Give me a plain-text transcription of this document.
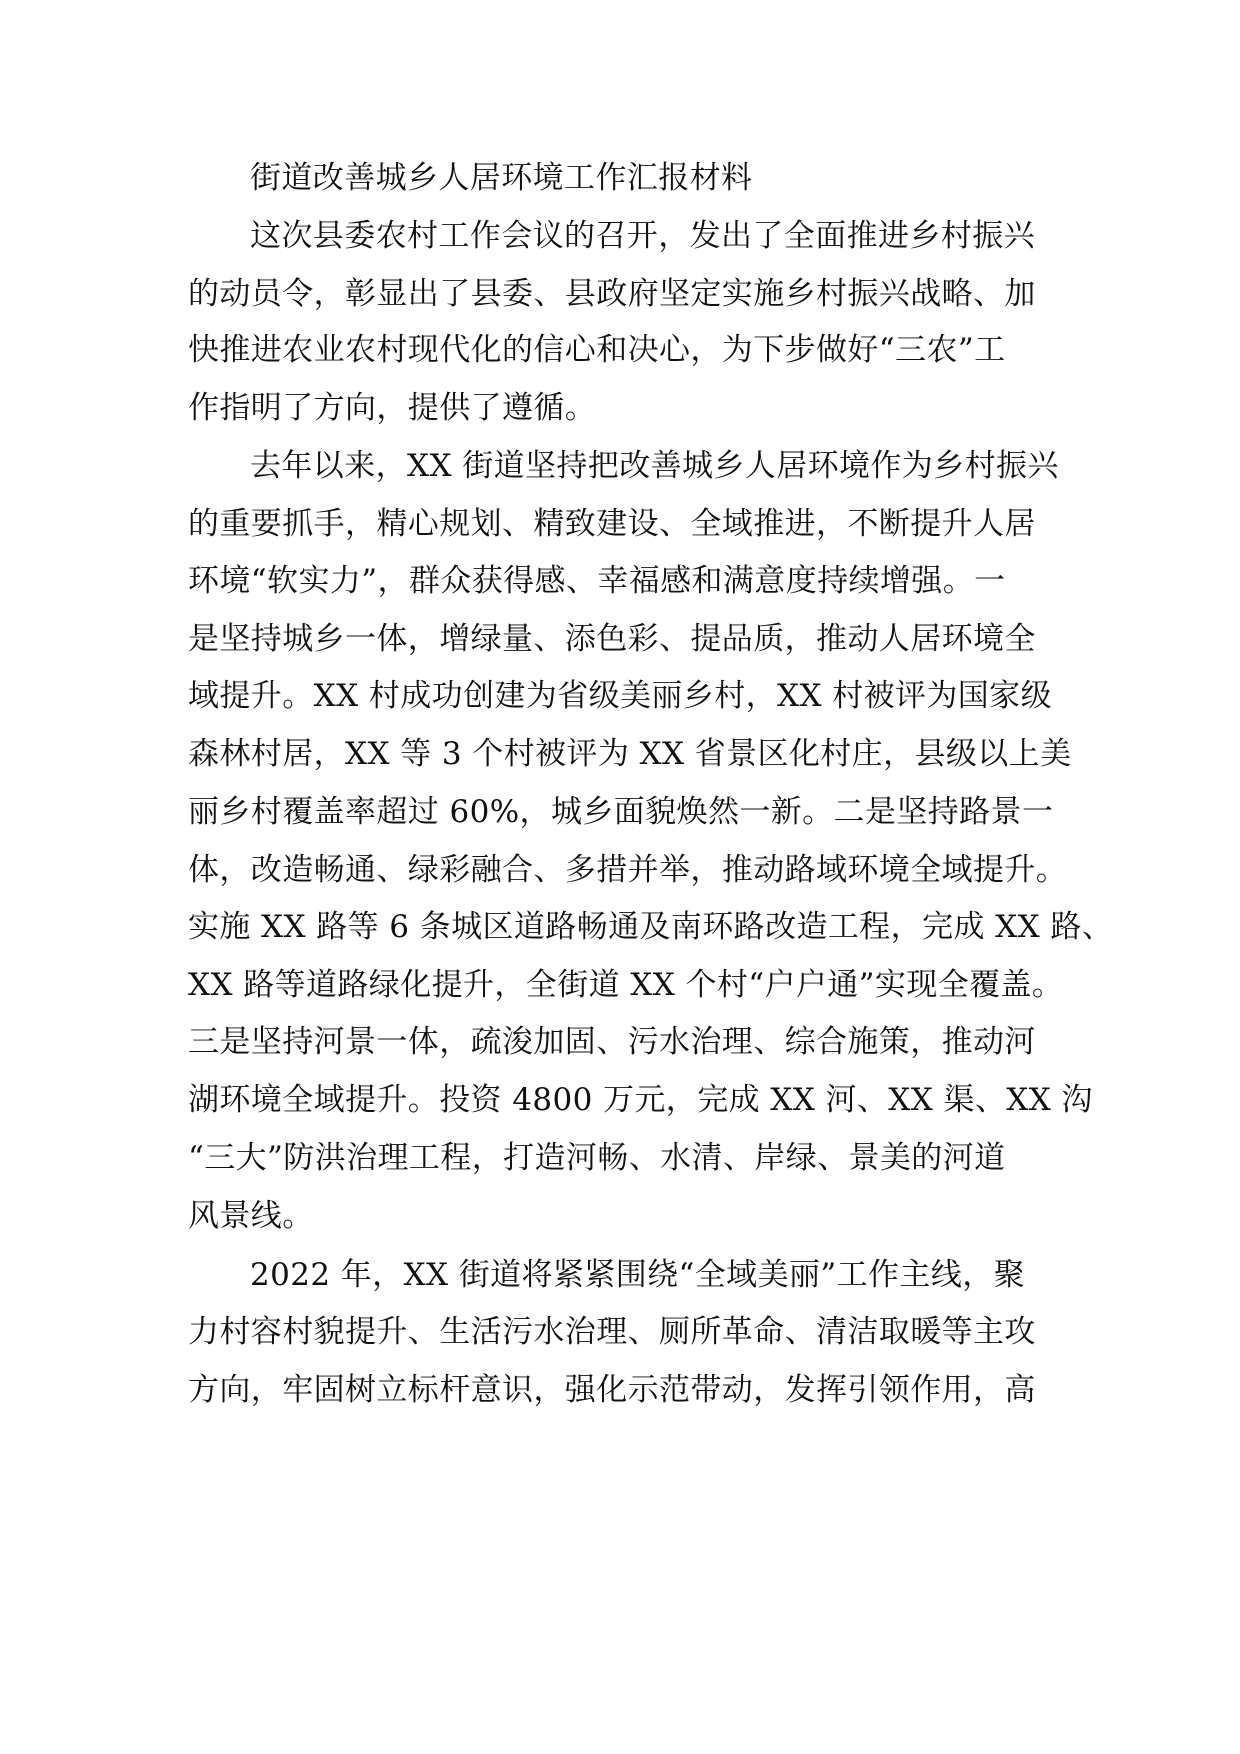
街道改善城乡人居环境工作汇报材料
这次县委农村工作会议的召开，发出了全面推进乡村振兴
的动员令，彰显出了县委、县政府坚定实施乡村振兴战略、加
快推进农业农村现代化的信心和决心，为下步做好“三农”工
作指明了方向，提供了遵循。
去年以来，XX 街道坚持把改善城乡人居环境作为乡村振兴
的重要抓手，精心规划、精致建设、全域推进，不断提升人居
环境“软实力”，群众获得感、幸福感和满意度持续增强。一
是坚持城乡一体，增绿量、添色彩、提品质，推动人居环境全
域提升。XX 村成功创建为省级美丽乡村，XX 村被评为国家级
森林村居，XX 等 3 个村被评为 XX 省景区化村庄，县级以上美
丽乡村覆盖率超过 60%，城乡面貌焕然一新。二是坚持路景一
体，改造畅通、绿彩融合、多措并举，推动路域环境全域提升。
实施 XX 路等 6 条城区道路畅通及南环路改造工程，完成 XX 路、
XX 路等道路绿化提升，全街道 XX 个村“户户通”实现全覆盖。
三是坚持河景一体，疏浚加固、污水治理、综合施策，推动河
湖环境全域提升。投资 4800 万元，完成 XX 河、XX 渠、XX 沟
“三大”防洪治理工程，打造河畅、水清、岸绿、景美的河道
风景线。
2022 年，XX 街道将紧紧围绕“全域美丽”工作主线，聚
力村容村貌提升、生活污水治理、厕所革命、清洁取暖等主攻
方向，牢固树立标杆意识，强化示范带动，发挥引领作用，高
